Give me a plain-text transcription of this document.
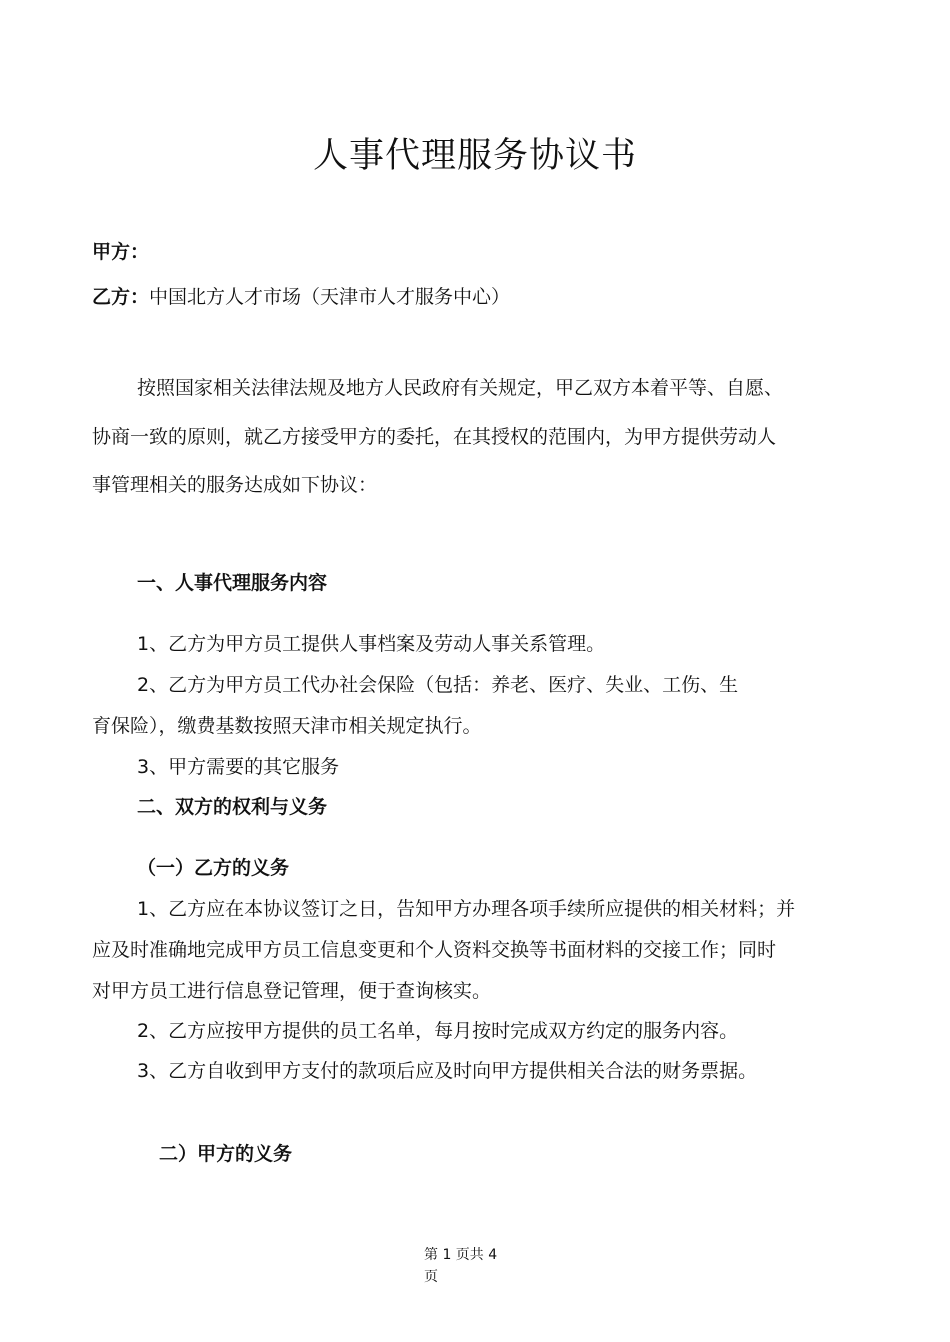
人事代理服务协议书
甲方：
乙方：中国北方人才市场（天津市人才服务中心）
按照国家相关法律法规及地方人民政府有关规定，甲乙双方本着平等、自愿、
协商一致的原则，就乙方接受甲方的委托，在其授权的范围内，为甲方提供劳动人
事管理相关的服务达成如下协议：
一、人事代理服务内容
1、乙方为甲方员工提供人事档案及劳动人事关系管理。
2、乙方为甲方员工代办社会保险（包括：养老、医疗、失业、工伤、生
育保险），缴费基数按照天津市相关规定执行。
3、甲方需要的其它服务
二、双方的权利与义务
（一）乙方的义务
1、乙方应在本协议签订之日，告知甲方办理各项手续所应提供的相关材料；并
应及时准确地完成甲方员工信息变更和个人资料交换等书面材料的交接工作；同时
对甲方员工进行信息登记管理，便于查询核实。
2、乙方应按甲方提供的员工名单，每月按时完成双方约定的服务内容。
3、乙方自收到甲方支付的款项后应及时向甲方提供相关合法的财务票据。
二）甲方的义务
第 1 页共 4
页
